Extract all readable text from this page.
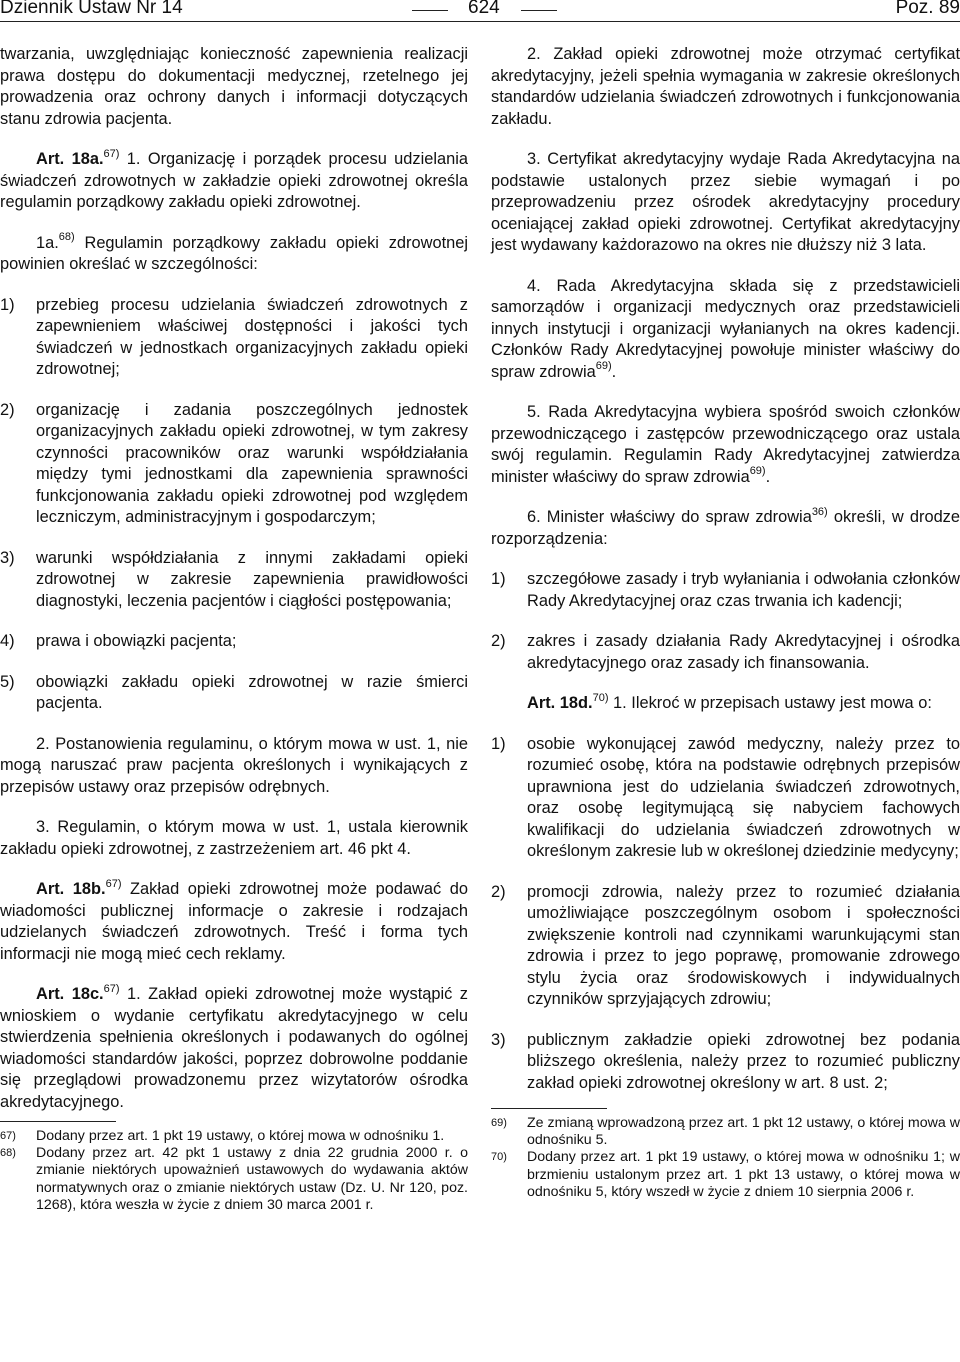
Dziennik Ustaw Nr 14	624	Poz. 89

twarzania, uwzględniając konieczność zapewnienia realizacji prawa dostępu do dokumentacji medycznej, rzetelnego jej prowadzenia oraz ochrony danych i informacji dotyczących stanu zdrowia pacjenta.

Art. 18a.$^{67)}$ 1. Organizację i porządek procesu udzielania świadczeń zdrowotnych w zakładzie opieki zdrowotnej określa regulamin porządkowy zakładu opieki zdrowotnej.

1a.$^{68)}$ Regulamin porządkowy zakładu opieki zdrowotnej powinien określać w szczególności:

1)	przebieg procesu udzielania świadczeń zdrowotnych z zapewnieniem właściwej dostępności i jakości tych świadczeń w jednostkach organizacyjnych zakładu opieki zdrowotnej;
2)	organizację i zadania poszczególnych jednostek organizacyjnych zakładu opieki zdrowotnej, w tym zakresy czynności pracowników oraz warunki współdziałania między tymi jednostkami dla zapewnienia sprawności funkcjonowania zakładu opieki zdrowotnej pod względem leczniczym, administracyjnym i gospodarczym;
3)	warunki współdziałania z innymi zakładami opieki zdrowotnej w zakresie zapewnienia prawidłowości diagnostyki, leczenia pacjentów i ciągłości postępowania;
4)	prawa i obowiązki pacjenta;
5)	obowiązki zakładu opieki zdrowotnej w razie śmierci pacjenta.

2. Postanowienia regulaminu, o którym mowa w ust. 1, nie mogą naruszać praw pacjenta określonych i wynikających z przepisów ustawy oraz przepisów odrębnych.

3. Regulamin, o którym mowa w ust. 1, ustala kierownik zakładu opieki zdrowotnej, z zastrzeżeniem art. 46 pkt 4.

Art. 18b.$^{67)}$ Zakład opieki zdrowotnej może podawać do wiadomości publicznej informacje o zakresie i rodzajach udzielanych świadczeń zdrowotnych. Treść i forma tych informacji nie mogą mieć cech reklamy.

Art. 18c.$^{67)}$ 1. Zakład opieki zdrowotnej może wystąpić z wnioskiem o wydanie certyfikatu akredytacyjnego w celu stwierdzenia spełnienia określonych i podawanych do ogólnej wiadomości standardów jakości, poprzez dobrowolne poddanie się przeglądowi prowadzonemu przez wizytatorów ośrodka akredytacyjnego.

67)	Dodany przez art. 1 pkt 19 ustawy, o której mowa w odnośniku 1.
68)	Dodany przez art. 42 pkt 1 ustawy z dnia 22 grudnia 2000 r. o zmianie niektórych upoważnień ustawowych do wydawania aktów normatywnych oraz o zmianie niektórych ustaw (Dz. U. Nr 120, poz. 1268), która weszła w życie z dniem 30 marca 2001 r.

2. Zakład opieki zdrowotnej może otrzymać certyfikat akredytacyjny, jeżeli spełnia wymagania w zakresie określonych standardów udzielania świadczeń zdrowotnych i funkcjonowania zakładu.

3. Certyfikat akredytacyjny wydaje Rada Akredytacyjna na podstawie ustalonych przez siebie wymagań i po przeprowadzeniu przez ośrodek akredytacyjny procedury oceniającej zakład opieki zdrowotnej. Certyfikat akredytacyjny jest wydawany każdorazowo na okres nie dłuższy niż 3 lata.

4. Rada Akredytacyjna składa się z przedstawicieli samorządów i organizacji medycznych oraz przedstawicieli innych instytucji i organizacji wyłanianych na okres kadencji. Członków Rady Akredytacyjnej powołuje minister właściwy do spraw zdrowia$^{69)}$.

5. Rada Akredytacyjna wybiera spośród swoich członków przewodniczącego i zastępców przewodniczącego oraz ustala swój regulamin. Regulamin Rady Akredytacyjnej zatwierdza minister właściwy do spraw zdrowia$^{69)}$.

6. Minister właściwy do spraw zdrowia$^{36)}$ określi, w drodze rozporządzenia:

1)	szczegółowe zasady i tryb wyłaniania i odwołania członków Rady Akredytacyjnej oraz czas trwania ich kadencji;
2)	zakres i zasady działania Rady Akredytacyjnej i ośrodka akredytacyjnego oraz zasady ich finansowania.

Art. 18d.$^{70)}$ 1. Ilekroć w przepisach ustawy jest mowa o:

1)	osobie wykonującej zawód medyczny, należy przez to rozumieć osobę, która na podstawie odrębnych przepisów uprawniona jest do udzielania świadczeń zdrowotnych, oraz osobę legitymującą się nabyciem fachowych kwalifikacji do udzielania świadczeń zdrowotnych w określonym zakresie lub w określonej dziedzinie medycyny;
2)	promocji zdrowia, należy przez to rozumieć działania umożliwiające poszczególnym osobom i społeczności zwiększenie kontroli nad czynnikami warunkującymi stan zdrowia i przez to jego poprawę, promowanie zdrowego stylu życia oraz środowiskowych i indywidualnych czynników sprzyjających zdrowiu;
3)	publicznym zakładzie opieki zdrowotnej bez podania bliższego określenia, należy przez to rozumieć publiczny zakład opieki zdrowotnej określony w art. 8 ust. 2;
69)	Ze zmianą wprowadzoną przez art. 1 pkt 12 ustawy, o której mowa w odnośniku 5.
70)	Dodany przez art. 1 pkt 19 ustawy, o której mowa w odnośniku 1; w brzmieniu ustalonym przez art. 1 pkt 13 ustawy, o której mowa w odnośniku 5, który wszedł w życie z dniem 10 sierpnia 2006 r.
